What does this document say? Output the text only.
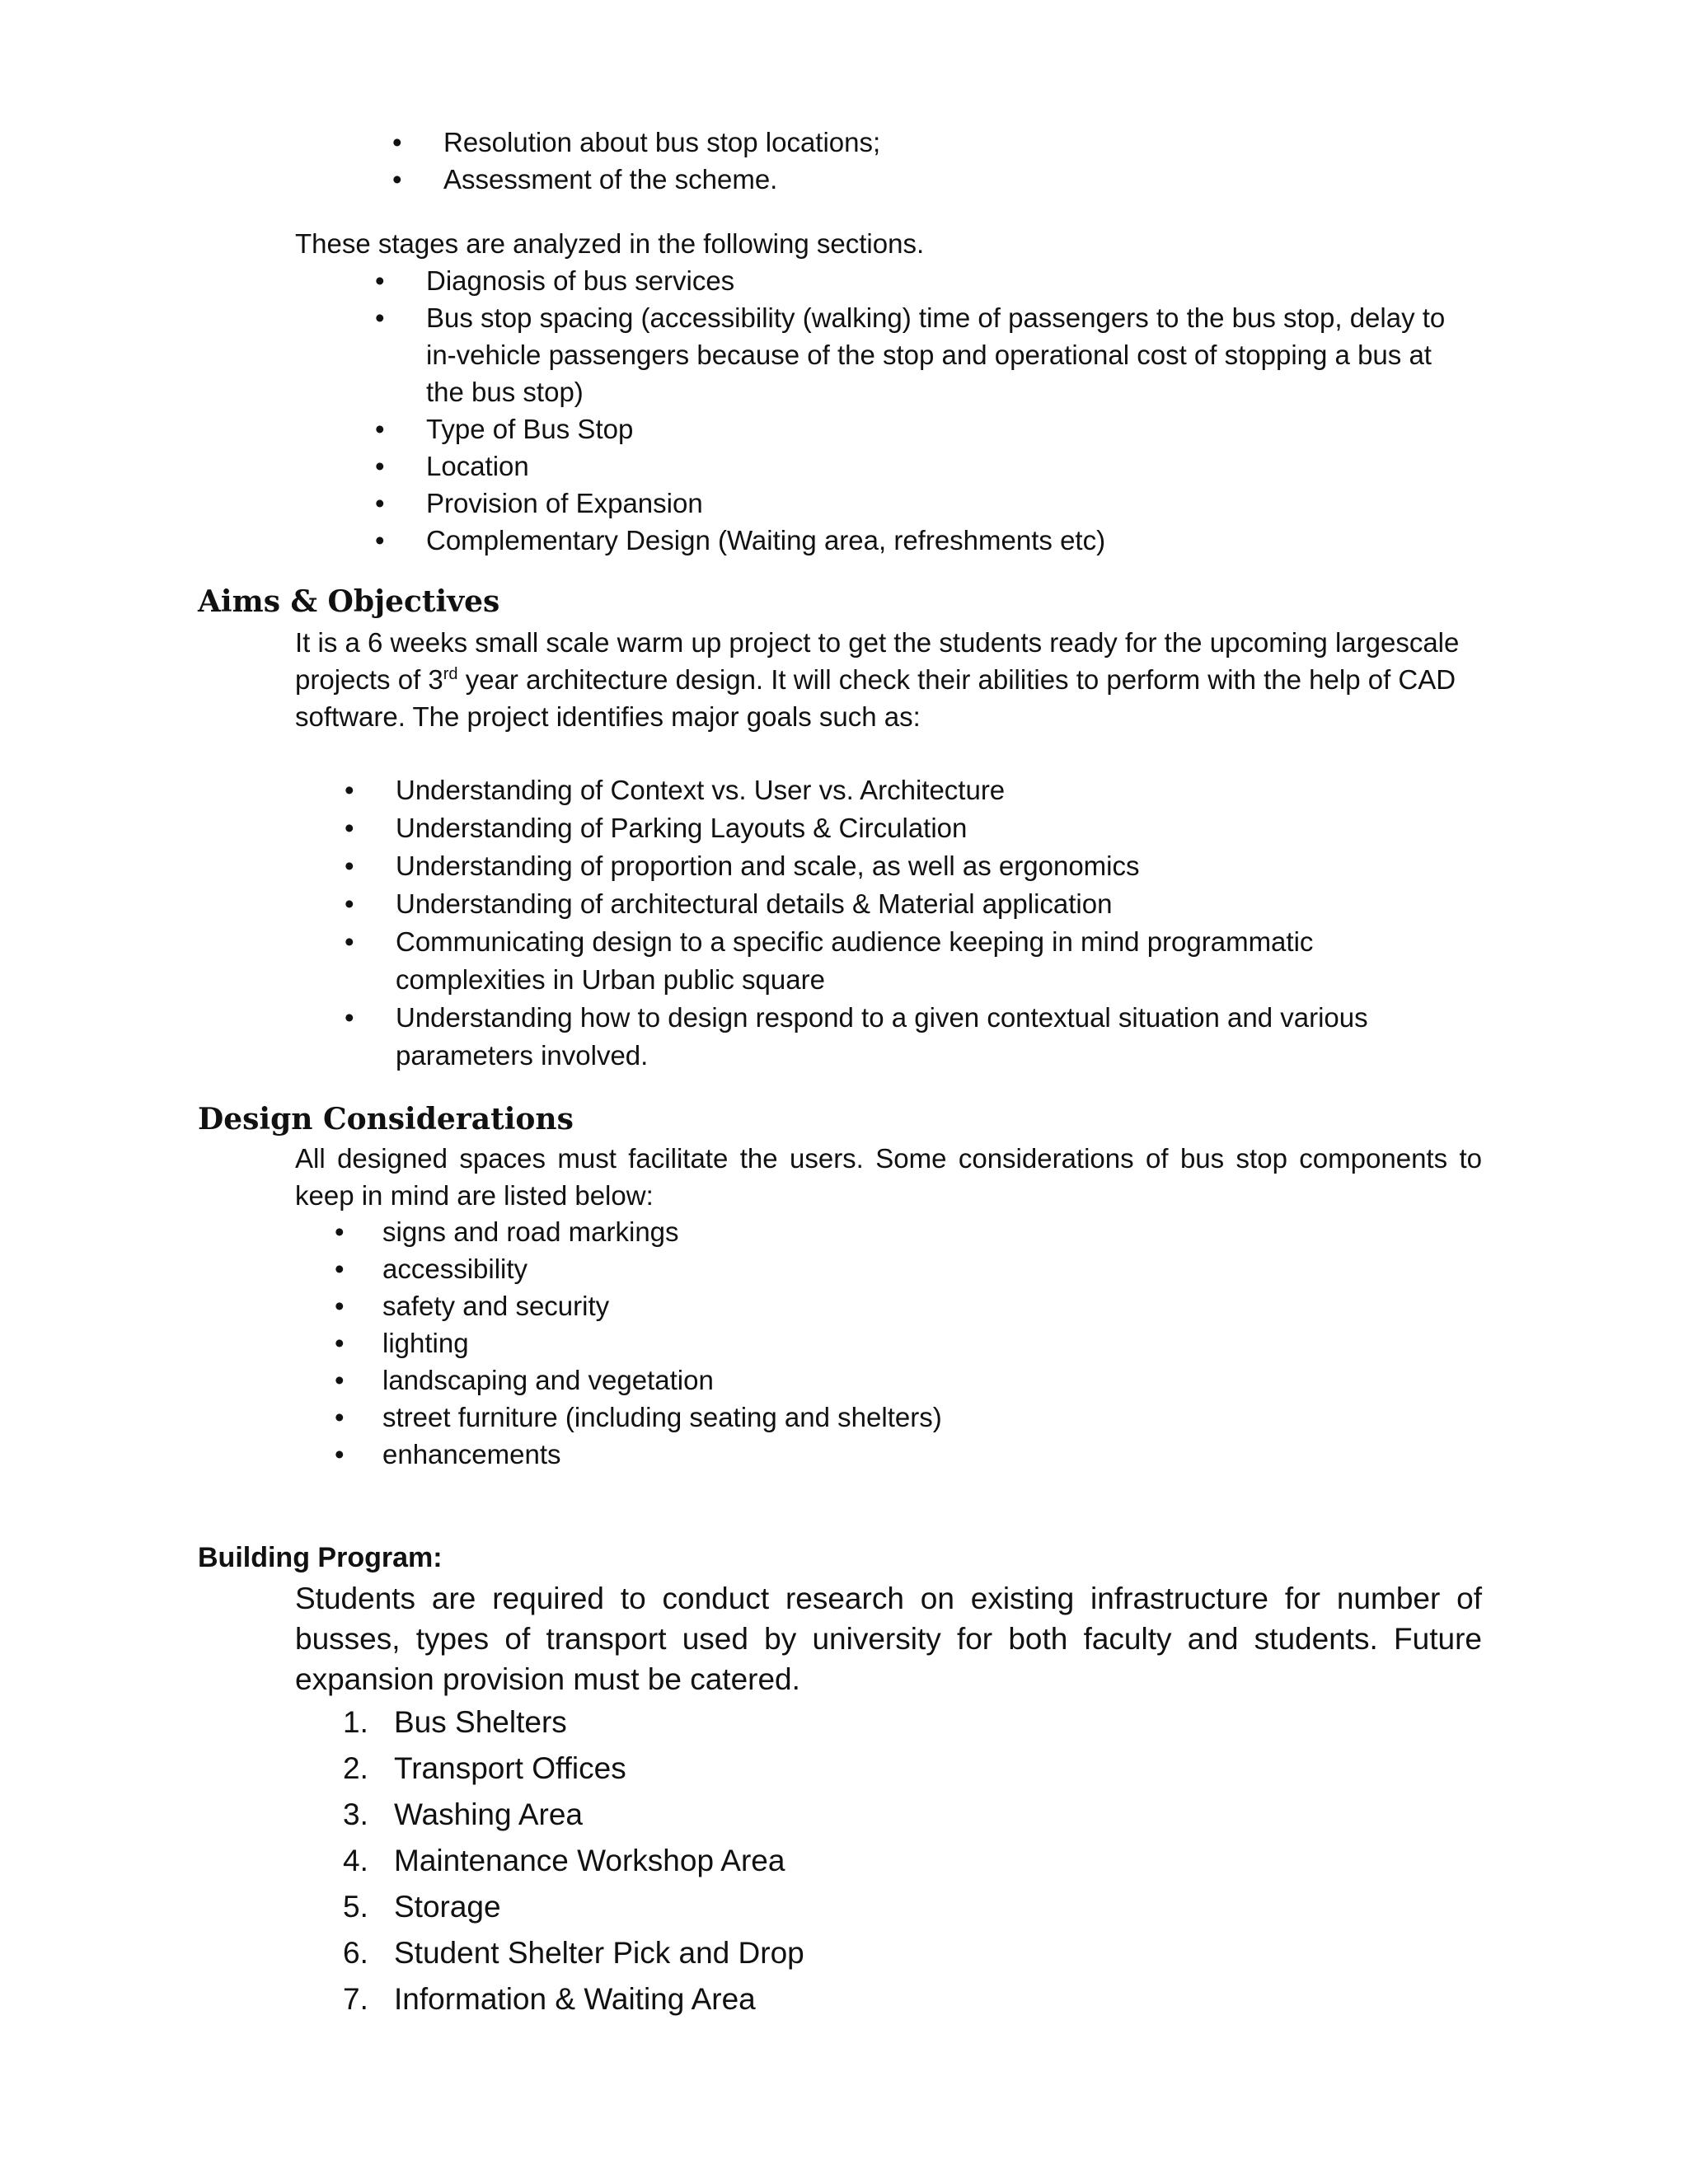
• Resolution about bus stop locations;
• Assessment of the scheme.
These stages are analyzed in the following sections.
• Diagnosis of bus services
• Bus stop spacing (accessibility (walking) time of passengers to the bus stop, delay to in-vehicle passengers because of the stop and operational cost of stopping a bus at the bus stop)
• Type of Bus Stop
• Location
• Provision of Expansion
• Complementary Design (Waiting area, refreshments etc)
Aims & Objectives
It is a 6 weeks small scale warm up project to get the students ready for the upcoming largescale projects of 3rd year architecture design. It will check their abilities to perform with the help of CAD software. The project identifies major goals such as:
• Understanding of Context vs. User vs. Architecture
• Understanding of Parking Layouts & Circulation
• Understanding of proportion and scale, as well as ergonomics
• Understanding of architectural details & Material application
• Communicating design to a specific audience keeping in mind programmatic complexities in Urban public square
• Understanding how to design respond to a given contextual situation and various parameters involved.
Design Considerations
All designed spaces must facilitate the users. Some considerations of bus stop components to keep in mind are listed below:
• signs and road markings
• accessibility
• safety and security
• lighting
• landscaping and vegetation
• street furniture (including seating and shelters)
• enhancements
Building Program:
Students are required to conduct research on existing infrastructure for number of busses, types of transport used by university for both faculty and students. Future expansion provision must be catered.
1. Bus Shelters
2. Transport Offices
3. Washing Area
4. Maintenance Workshop Area
5. Storage
6. Student Shelter Pick and Drop
7. Information & Waiting Area
